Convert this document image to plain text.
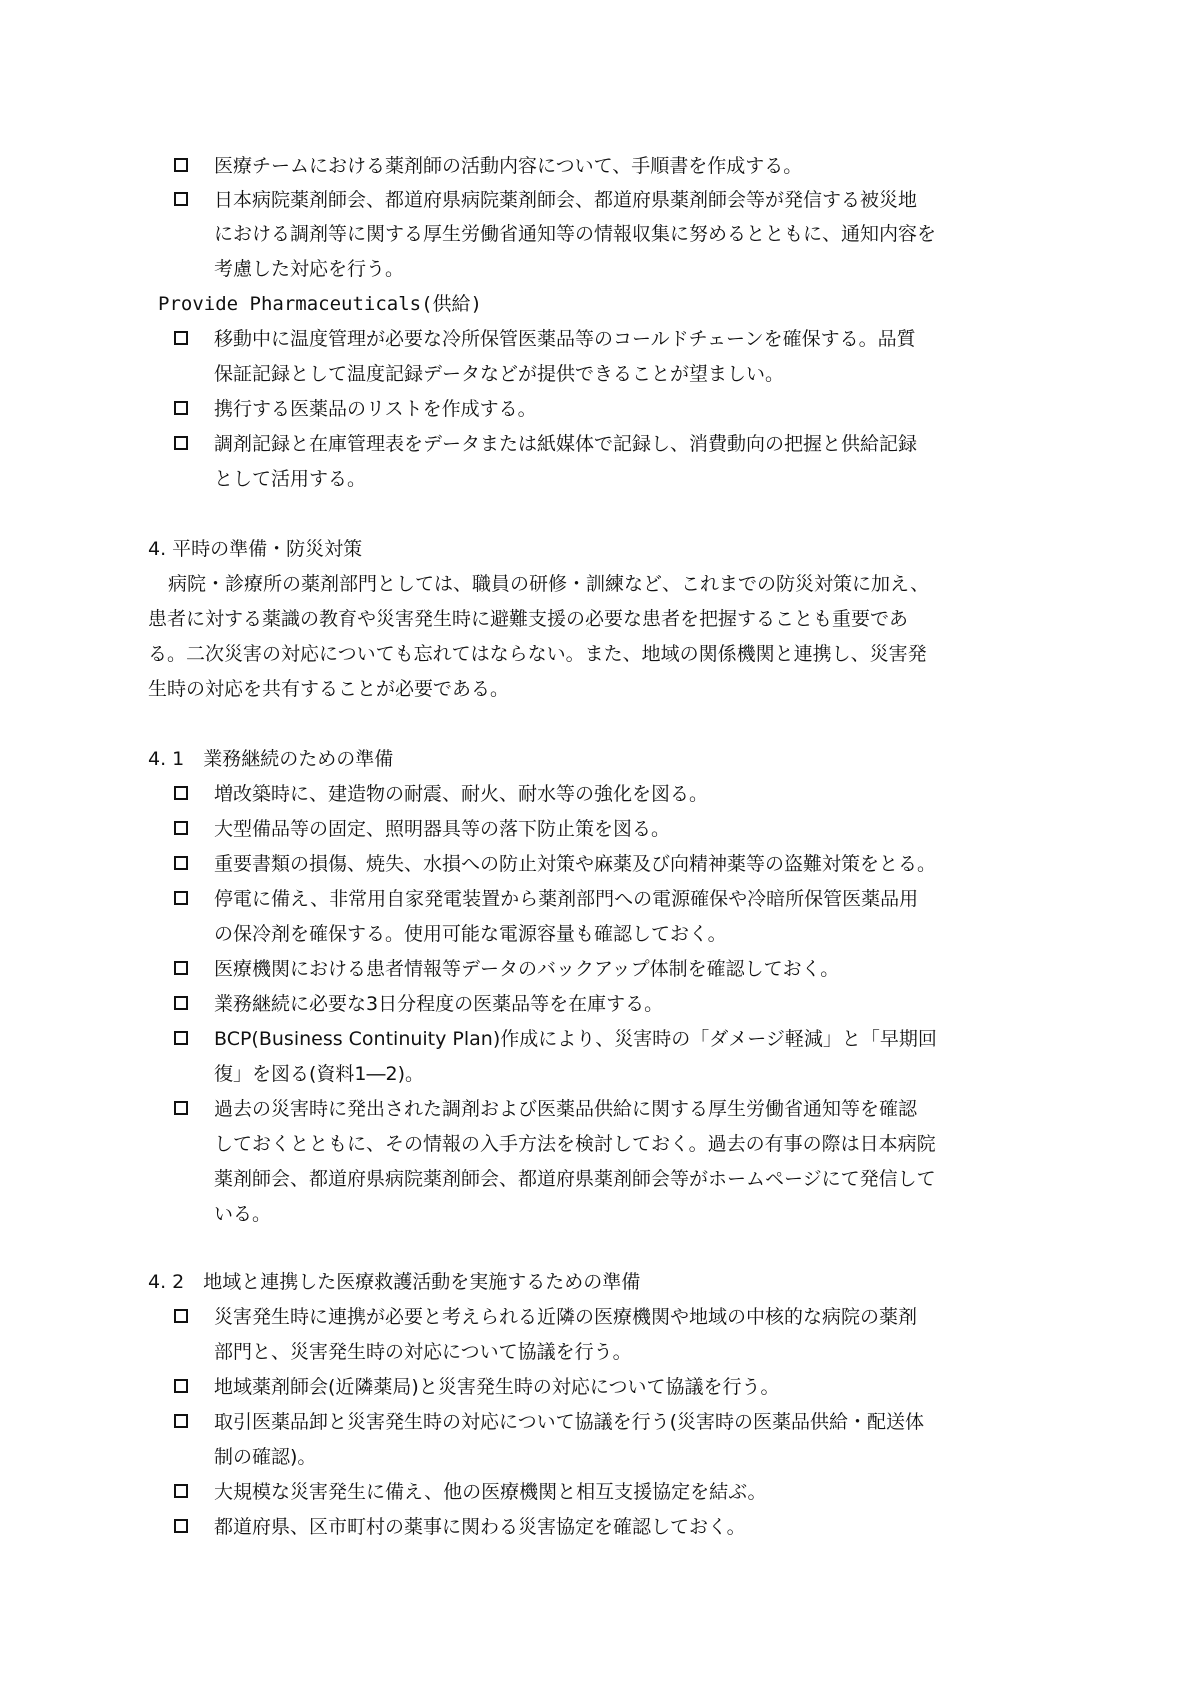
医療チームにおける薬剤師の活動内容について、手順書を作成する。
日本病院薬剤師会、都道府県病院薬剤師会、都道府県薬剤師会等が発信する被災地
における調剤等に関する厚生労働省通知等の情報収集に努めるとともに、通知内容を
考慮した対応を行う。
Provide Pharmaceuticals(供給)
移動中に温度管理が必要な冷所保管医薬品等のコールドチェーンを確保する。品質
保証記録として温度記録データなどが提供できることが望ましい。
携行する医薬品のリストを作成する。
調剤記録と在庫管理表をデータまたは紙媒体で記録し、消費動向の把握と供給記録
として活用する。
4. 平時の準備・防災対策
病院・診療所の薬剤部門としては、職員の研修・訓練など、これまでの防災対策に加え、
患者に対する薬識の教育や災害発生時に避難支援の必要な患者を把握することも重要であ
る。二次災害の対応についても忘れてはならない。また、地域の関係機関と連携し、災害発
生時の対応を共有することが必要である。
4. 1　業務継続のための準備
増改築時に、建造物の耐震、耐火、耐水等の強化を図る。
大型備品等の固定、照明器具等の落下防止策を図る。
重要書類の損傷、焼失、水損への防止対策や麻薬及び向精神薬等の盗難対策をとる。
停電に備え、非常用自家発電装置から薬剤部門への電源確保や冷暗所保管医薬品用
の保冷剤を確保する。使用可能な電源容量も確認しておく。
医療機関における患者情報等データのバックアップ体制を確認しておく。
業務継続に必要な3日分程度の医薬品等を在庫する。
BCP(Business Continuity Plan)作成により、災害時の「ダメージ軽減」と「早期回
復」を図る(資料1―2)。
過去の災害時に発出された調剤および医薬品供給に関する厚生労働省通知等を確認
しておくとともに、その情報の入手方法を検討しておく。過去の有事の際は日本病院
薬剤師会、都道府県病院薬剤師会、都道府県薬剤師会等がホームページにて発信して
いる。
4. 2　地域と連携した医療救護活動を実施するための準備
災害発生時に連携が必要と考えられる近隣の医療機関や地域の中核的な病院の薬剤
部門と、災害発生時の対応について協議を行う。
地域薬剤師会(近隣薬局)と災害発生時の対応について協議を行う。
取引医薬品卸と災害発生時の対応について協議を行う(災害時の医薬品供給・配送体
制の確認)。
大規模な災害発生に備え、他の医療機関と相互支援協定を結ぶ。
都道府県、区市町村の薬事に関わる災害協定を確認しておく。
